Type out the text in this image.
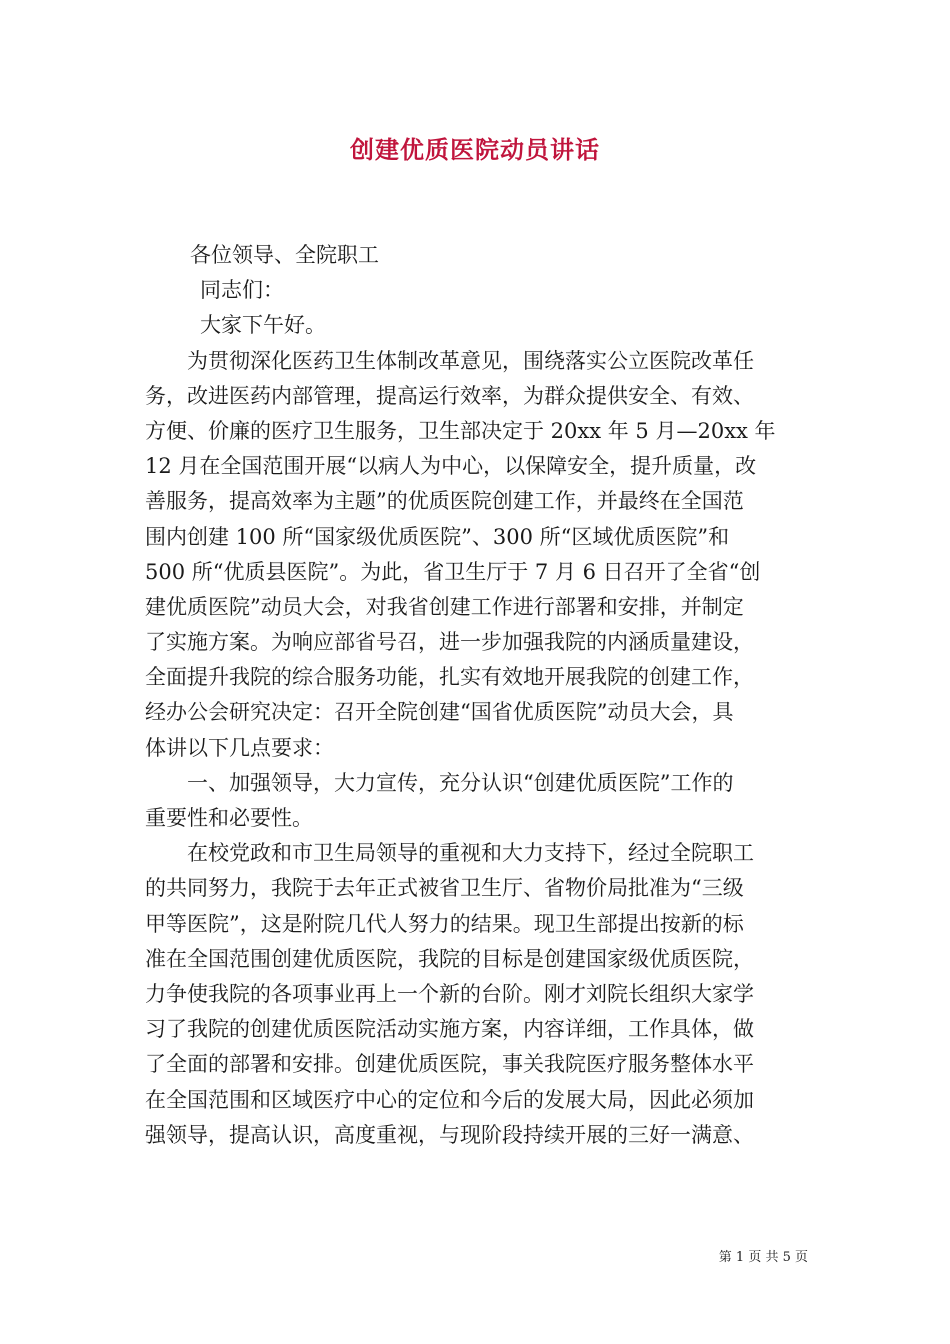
创建优质医院动员讲话
各位领导、全院职工
同志们：
大家下午好。
为贯彻深化医药卫生体制改革意见，围绕落实公立医院改革任
务，改进医药内部管理，提高运行效率，为群众提供安全、有效、
方便、价廉的医疗卫生服务，卫生部决定于 20xx 年 5 月—20xx 年
12 月在全国范围开展“以病人为中心，以保障安全，提升质量，改
善服务，提高效率为主题”的优质医院创建工作，并最终在全国范
围内创建 100 所“国家级优质医院”、300 所“区域优质医院”和
500 所“优质县医院”。为此，省卫生厅于 7 月 6 日召开了全省“创
建优质医院”动员大会，对我省创建工作进行部署和安排，并制定
了实施方案。为响应部省号召，进一步加强我院的内涵质量建设，
全面提升我院的综合服务功能，扎实有效地开展我院的创建工作，
经办公会研究决定：召开全院创建“国省优质医院”动员大会，具
体讲以下几点要求：
一、加强领导，大力宣传，充分认识“创建优质医院”工作的
重要性和必要性。
在校党政和市卫生局领导的重视和大力支持下，经过全院职工
的共同努力，我院于去年正式被省卫生厅、省物价局批准为“三级
甲等医院”，这是附院几代人努力的结果。现卫生部提出按新的标
准在全国范围创建优质医院，我院的目标是创建国家级优质医院，
力争使我院的各项事业再上一个新的台阶。刚才刘院长组织大家学
习了我院的创建优质医院活动实施方案，内容详细，工作具体，做
了全面的部署和安排。创建优质医院，事关我院医疗服务整体水平
在全国范围和区域医疗中心的定位和今后的发展大局，因此必须加
强领导，提高认识，高度重视，与现阶段持续开展的三好一满意、
第 1 页 共 5 页
